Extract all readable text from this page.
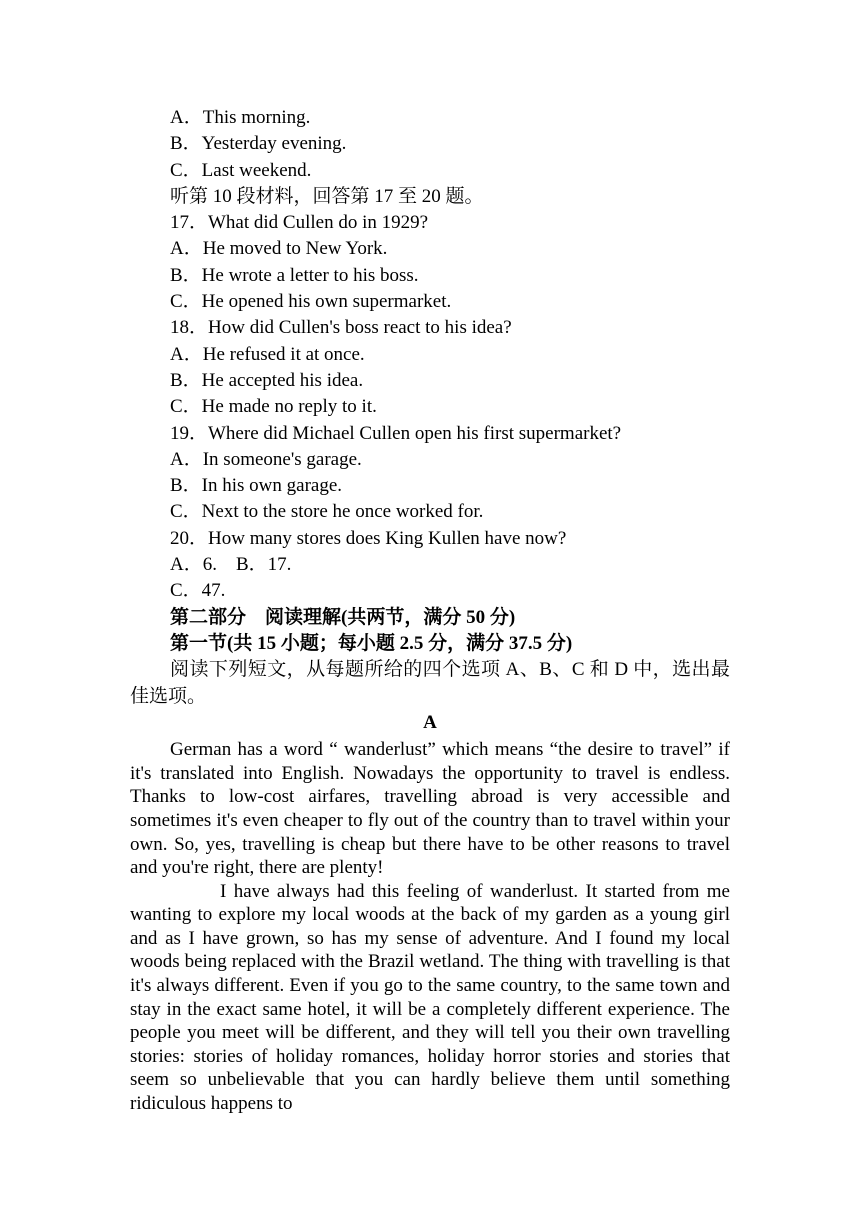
A．This morning.
B．Yesterday evening.
C．Last weekend.
听第 10 段材料，回答第 17 至 20 题。
17．What did Cullen do in 1929?
A．He moved to New York.
B．He wrote a letter to his boss.
C．He opened his own supermarket.
18．How did Cullen's boss react to his idea?
A．He refused it at once.
B．He accepted his idea.
C．He made no reply to it.
19．Where did Michael Cullen open his first supermarket?
A．In someone's garage.
B．In his own garage.
C．Next to the store he once worked for.
20．How many stores does King Kullen have now?
A．6.　B．17.
C．47.
第二部分　阅读理解(共两节，满分 50 分)
第一节(共 15 小题；每小题 2.5 分，满分 37.5 分)

阅读下列短文，从每题所给的四个选项 A、B、C 和 D 中，选出最佳选项。

A

German has a word “ wanderlust” which means “the desire to travel” if it's translated into English. Nowadays the opportunity to travel is endless. Thanks to low-cost airfares, travelling abroad is very accessible and sometimes it's even cheaper to fly out of the country than to travel within your own. So, yes, travelling is cheap but there have to be other reasons to travel and you're right, there are plenty!

I have always had this feeling of wanderlust. It started from me wanting to explore my local woods at the back of my garden as a young girl and as I have grown, so has my sense of adventure. And I found my local woods being replaced with the Brazil wetland. The thing with travelling is that it's always different. Even if you go to the same country, to the same town and stay in the exact same hotel, it will be a completely different experience. The people you meet will be different, and they will tell you their own travelling stories: stories of holiday romances, holiday horror stories and stories that seem so unbelievable that you can hardly believe them until something ridiculous happens to
